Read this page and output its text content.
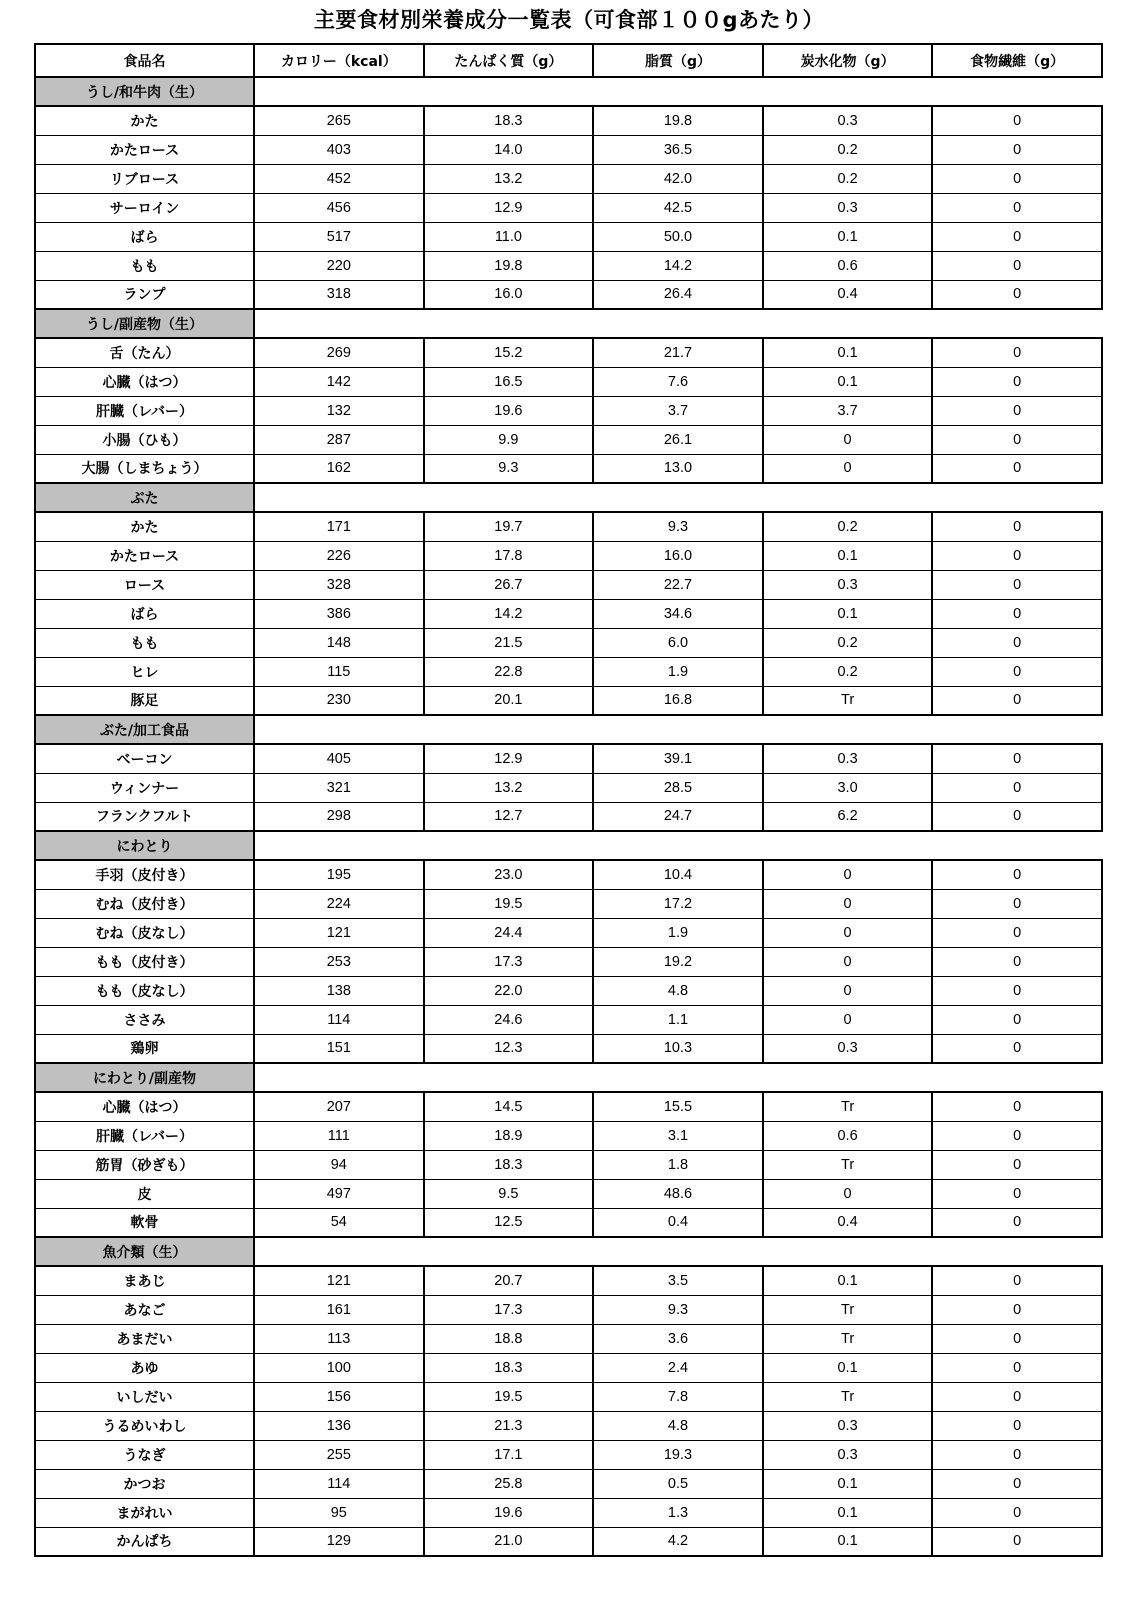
主要食材別栄養成分一覧表（可食部１００gあたり）
食品名	カロリー（kcal）	たんぱく質（g）	脂質（g）	炭水化物（g）	食物繊維（g）
うし/和牛肉（生）					
かた	265	18.3	19.8	0.3	0
かたロース	403	14.0	36.5	0.2	0
リブロース	452	13.2	42.0	0.2	0
サーロイン	456	12.9	42.5	0.3	0
ばら	517	11.0	50.0	0.1	0
もも	220	19.8	14.2	0.6	0
ランプ	318	16.0	26.4	0.4	0
うし/副産物（生）					
舌（たん）	269	15.2	21.7	0.1	0
心臓（はつ）	142	16.5	7.6	0.1	0
肝臓（レバー）	132	19.6	3.7	3.7	0
小腸（ひも）	287	9.9	26.1	0	0
大腸（しまちょう）	162	9.3	13.0	0	0
ぶた					
かた	171	19.7	9.3	0.2	0
かたロース	226	17.8	16.0	0.1	0
ロース	328	26.7	22.7	0.3	0
ばら	386	14.2	34.6	0.1	0
もも	148	21.5	6.0	0.2	0
ヒレ	115	22.8	1.9	0.2	0
豚足	230	20.1	16.8	Tr	0
ぶた/加工食品					
ベーコン	405	12.9	39.1	0.3	0
ウィンナー	321	13.2	28.5	3.0	0
フランクフルト	298	12.7	24.7	6.2	0
にわとり					
手羽（皮付き）	195	23.0	10.4	0	0
むね（皮付き）	224	19.5	17.2	0	0
むね（皮なし）	121	24.4	1.9	0	0
もも（皮付き）	253	17.3	19.2	0	0
もも（皮なし）	138	22.0	4.8	0	0
ささみ	114	24.6	1.1	0	0
鶏卵	151	12.3	10.3	0.3	0
にわとり/副産物					
心臓（はつ）	207	14.5	15.5	Tr	0
肝臓（レバー）	111	18.9	3.1	0.6	0
筋胃（砂ぎも）	94	18.3	1.8	Tr	0
皮	497	9.5	48.6	0	0
軟骨	54	12.5	0.4	0.4	0
魚介類（生）					
まあじ	121	20.7	3.5	0.1	0
あなご	161	17.3	9.3	Tr	0
あまだい	113	18.8	3.6	Tr	0
あゆ	100	18.3	2.4	0.1	0
いしだい	156	19.5	7.8	Tr	0
うるめいわし	136	21.3	4.8	0.3	0
うなぎ	255	17.1	19.3	0.3	0
かつお	114	25.8	0.5	0.1	0
まがれい	95	19.6	1.3	0.1	0
かんぱち	129	21.0	4.2	0.1	0
